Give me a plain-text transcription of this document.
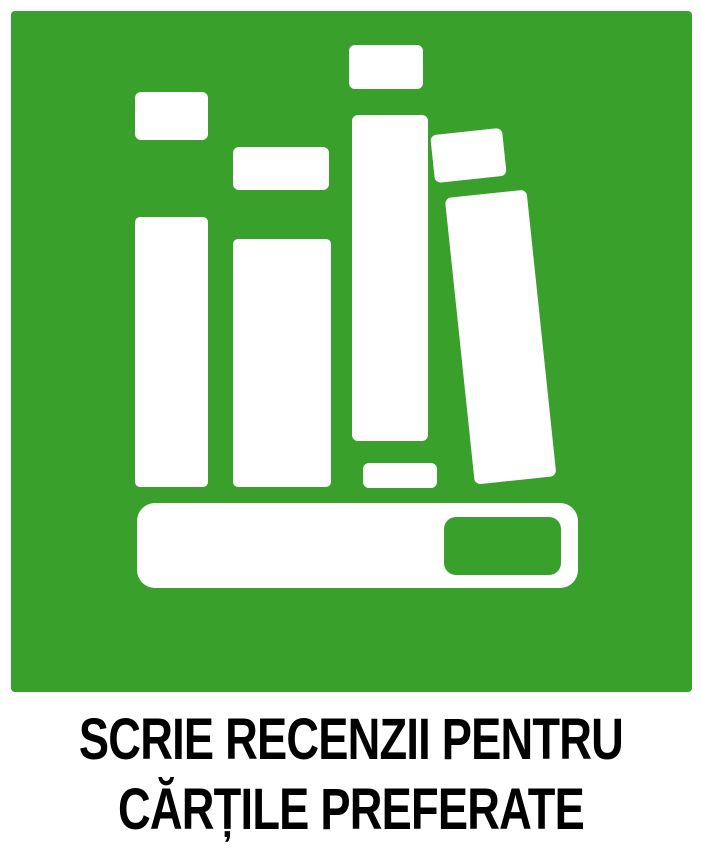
SCRIE RECENZII PENTRU
CĂRȚILE PREFERATE
